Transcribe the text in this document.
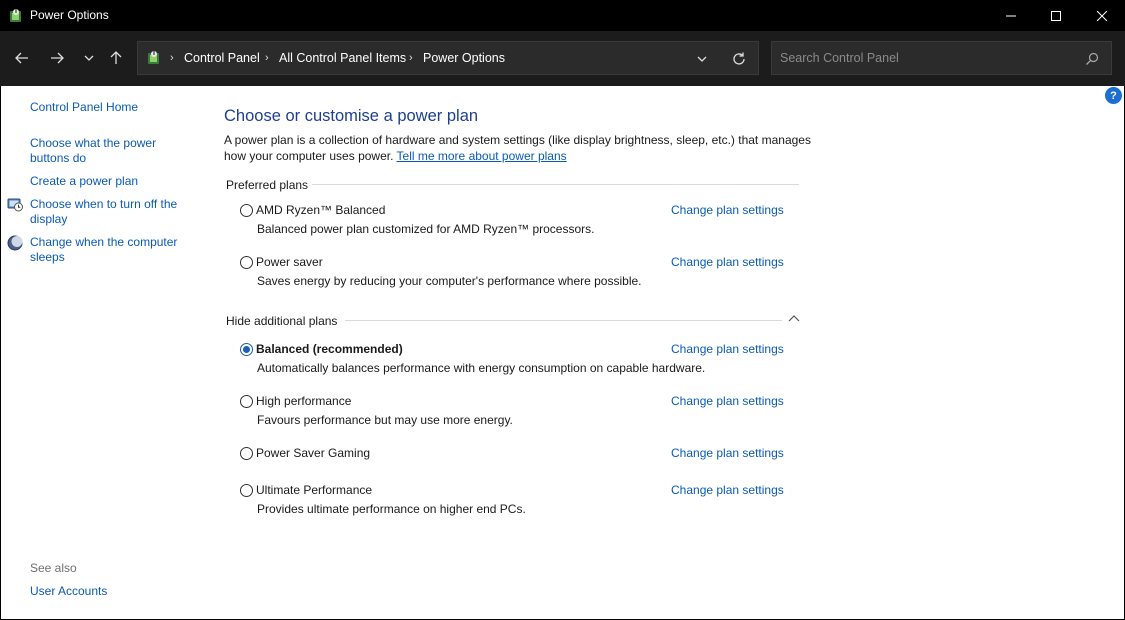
Power Options
› Control Panel › All Control Panel Items › Power Options
Search Control Panel
?
Control Panel Home
Choose what the power
buttons do
Create a power plan
Choose when to turn off the
display
Change when the computer
sleeps
See also
User Accounts
Choose or customise a power plan
A power plan is a collection of hardware and system settings (like display brightness, sleep, etc.) that manages how your computer uses power. Tell me more about power plans
Preferred plans
AMD Ryzen™ Balanced	Change plan settings
Balanced power plan customized for AMD Ryzen™ processors.
Power saver	Change plan settings
Saves energy by reducing your computer's performance where possible.
Hide additional plans
Balanced (recommended)	Change plan settings
Automatically balances performance with energy consumption on capable hardware.
High performance	Change plan settings
Favours performance but may use more energy.
Power Saver Gaming	Change plan settings
Ultimate Performance	Change plan settings
Provides ultimate performance on higher end PCs.
